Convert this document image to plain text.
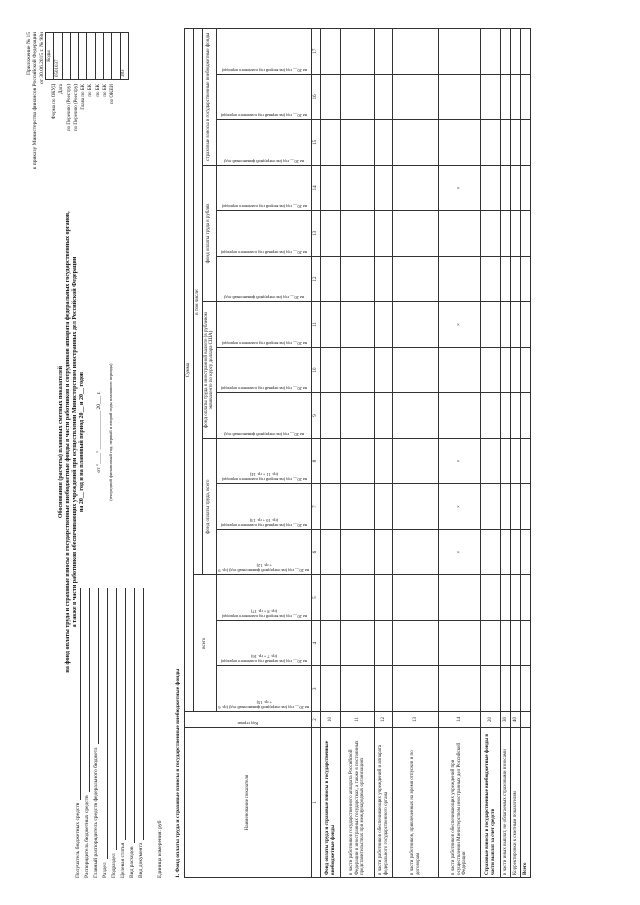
Приложение № 15 к приказу Министерства финансов Российской Федерации от 30.06.2015 г. № 98н
Обоснования (расчеты) плановых сметных показателей на фонд оплаты труда и страховые взносы в государственные внебюджетные фонды в части работников и сотрудников аппарата федеральных государственных органов, а также в части работников обеспечивающих учреждений при осуществлении Министерством иностранных дел Российской Федерации на 20__ год и на плановый период 20__ и 20__ годов от "____" ______________ 20___ г. (очередной финансовый год, первый и второй годы планового периода)
Форма по ОКУД Дата по Перечню (Реестру) по Перечню (Реестру) Глава по БК по БК по БК по БК по ОКЕИ
Коды
0501037

383
Получатель бюджетных средств Распорядитель бюджетных средств Главный распорядитель средств федерального бюджета Раздел Подраздел Целевая статья Вид расходов Вид документа Единица измерения: руб 1. Фонд оплаты труда и страховые взносы в государственные внебюджетные фонды	Наименование показателя	Код строки	Сумма														
		всего			в том числе:											
					фонд оплаты труда, всего			фонд оплаты труда в иностранной валюте (в рублевом эквиваленте по курсу доллара США)			фонд оплаты труда в рублях			страховые взносы в государственные внебюджетные фонды		

		на 20__ год (на очередной финансовый год) (гр. 6 + гр. 15)	на 20__ год (на первый год планового периода) (гр. 7 + гр. 16)	на 20__ год (на второй год планового периода) (гр. 8 + гр. 17)	на 20__ год (на очередной финансовый год) (гр. 9 + гр. 12)	на 20__ год (на первый год планового периода) (гр. 10 + гр. 13)	на 20__ год (на второй год планового периода) (гр. 11 + гр. 14)	на 20__ год (на очередной финансовый год)	на 20__ год (на первый год планового периода)	на 20__ год (на второй год планового периода)	на 20__ год (на очередной финансовый год)	на 20__ год (на первый год планового периода)	на 20__ год (на второй год планового периода)	на 20__ год (на очередной финансовый год)	на 20__ год (на первый год планового периода)	на 20__ год (на второй год планового периода)

1	2	3	4	5	6	7	8	9	10	11	12	13	14	15	16	17
Фонд оплаты труда и страховые взносы в государственные внебюджетные фонды	10															
в части работников государственного аппарата Российской Федерации в иностранных государствах, а также в постоянных представительствах при международных организациях	11															
в части работников обеспечивающих учреждений и аппарата федерального государственного органа	12															
в части работников, привлеченных на время отпусков и по договорам	13															
в части работников обеспечивающих учреждений при осуществлении Министерством иностранных дел Российской Федерации	14				×	×	×			×			×			
Страховые взносы в государственные внебюджетные фонды в части выплат за счет средств	20															
в части иных выплат, не облагаемых страховыми взносами	30															
Корректировки к сметным показателям	40															
Всего																
